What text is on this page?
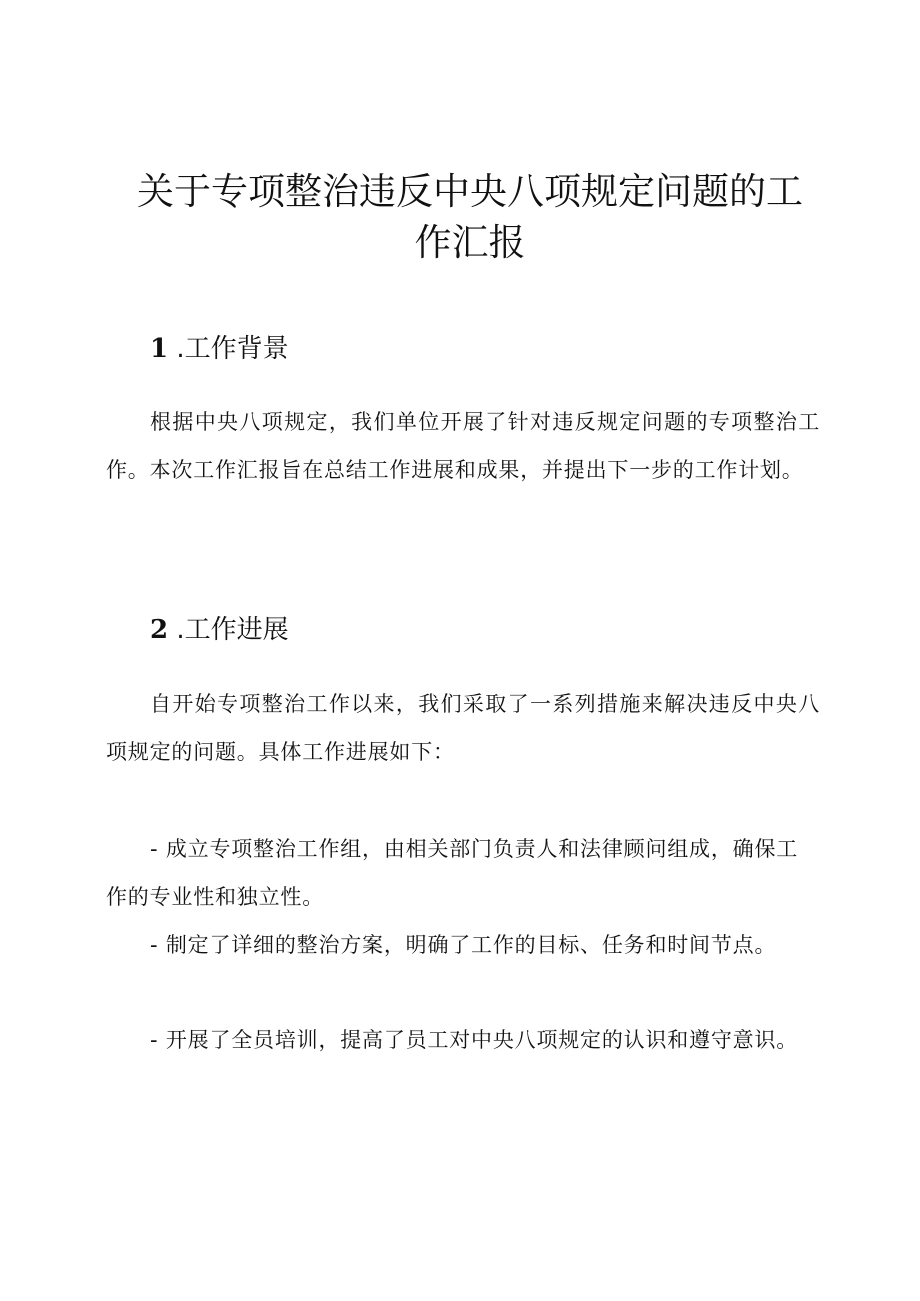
关于专项整治违反中央八项规定问题的工
作汇报
1 .工作背景

根据中央八项规定，我们单位开展了针对违反规定问题的专项整治工作。本次工作汇报旨在总结工作进展和成果，并提出下一步的工作计划。

2 .工作进展

自开始专项整治工作以来，我们采取了一系列措施来解决违反中央八项规定的问题。具体工作进展如下：

- 成立专项整治工作组，由相关部门负责人和法律顾问组成，确保工作的专业性和独立性。

- 制定了详细的整治方案，明确了工作的目标、任务和时间节点。

- 开展了全员培训，提高了员工对中央八项规定的认识和遵守意识。
